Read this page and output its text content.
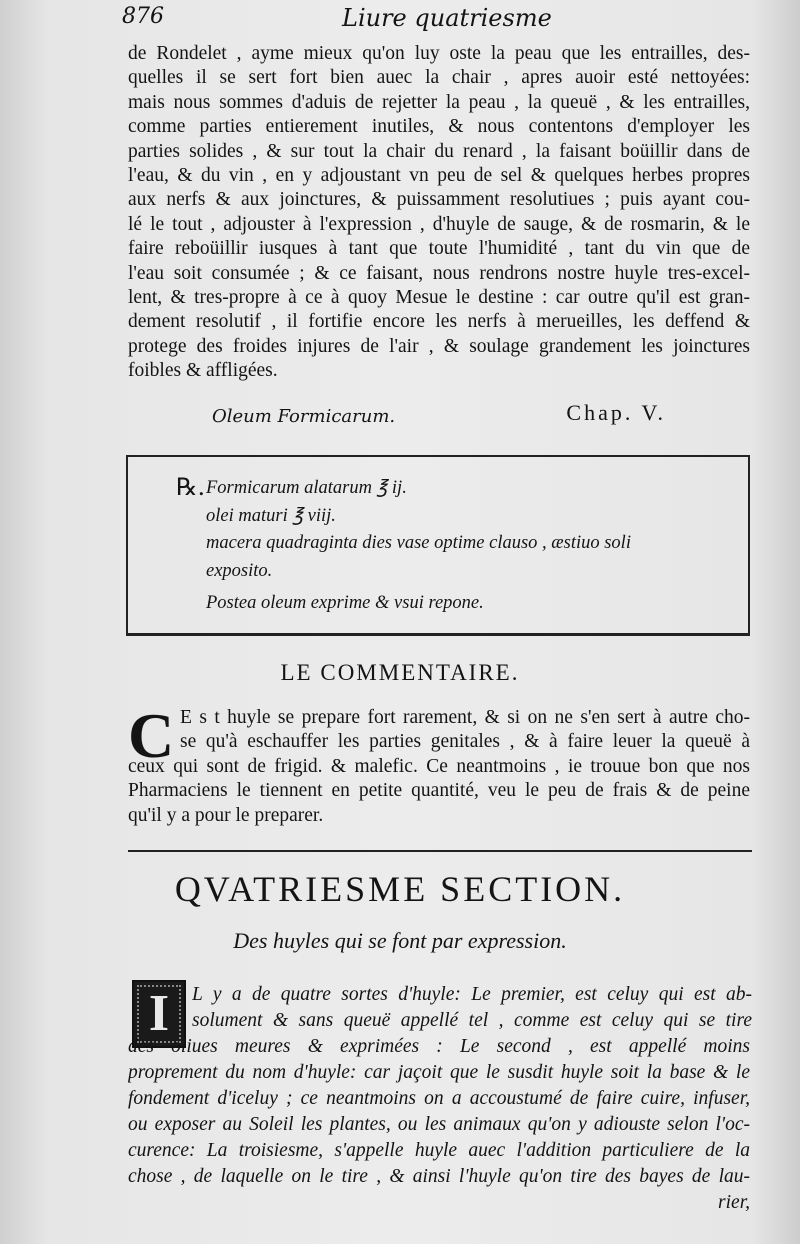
876	Liure quatriesme
de Rondelet , ayme mieux qu'on luy oste la peau que les entrailles, des-
quelles il se sert fort bien auec la chair , apres auoir esté nettoyées:
mais nous sommes d'aduis de rejetter la peau , la queuë , & les entrailles,
comme parties entierement inutiles, & nous contentons d'employer les
parties solides , & sur tout la chair du renard , la faisant boüillir dans de
l'eau, & du vin , en y adjoustant vn peu de sel & quelques herbes propres
aux nerfs & aux joinctures, & puissamment resolutiues ; puis ayant cou-
lé le tout , adjouster à l'expression , d'huyle de sauge, & de rosmarin, & le
faire reboüillir iusques à tant que toute l'humidité , tant du vin que de
l'eau soit consumée ; & ce faisant, nous rendrons nostre huyle tres-excel-
lent, & tres-propre à ce à quoy Mesue le destine : car outre qu'il est gran-
dement resolutif , il fortifie encore les nerfs à merueilles, les deffend &
protege des froides injures de l'air , & soulage grandement les joinctures
foibles & affligées.
Oleum Formicarum.	Chap. V.
℞. Formicarum alatarum ℥ ij.
olei maturi ℥ viij.
macera quadraginta dies vase optime clauso , æstiuo soli
exposito.
Postea oleum exprime & vsui repone.
LE COMMENTAIRE.
C E s t huyle se prepare fort rarement, & si on ne s'en sert à autre cho-
se qu'à eschauffer les parties genitales , & à faire leuer la queuë à
ceux qui sont de frigid. & malefic. Ce neantmoins , ie trouue bon que nos
Pharmaciens le tiennent en petite quantité, veu le peu de frais & de peine
qu'il y a pour le preparer.
QVATRIESME SECTION.
Des huyles qui se font par expression.
I L y a de quatre sortes d'huyle: Le premier, est celuy qui est ab-
solument & sans queuë appellé tel , comme est celuy qui se tire
des oliues meures & exprimées : Le second , est appellé moins
proprement du nom d'huyle: car jaçoit que le susdit huyle soit la base & le
fondement d'iceluy ; ce neantmoins on a accoustumé de faire cuire, infuser,
ou exposer au Soleil les plantes, ou les animaux qu'on y adiouste selon l'oc-
curence: La troisiesme, s'appelle huyle auec l'addition particuliere de la
chose , de laquelle on le tire , & ainsi l'huyle qu'on tire des bayes de lau-
rier,
